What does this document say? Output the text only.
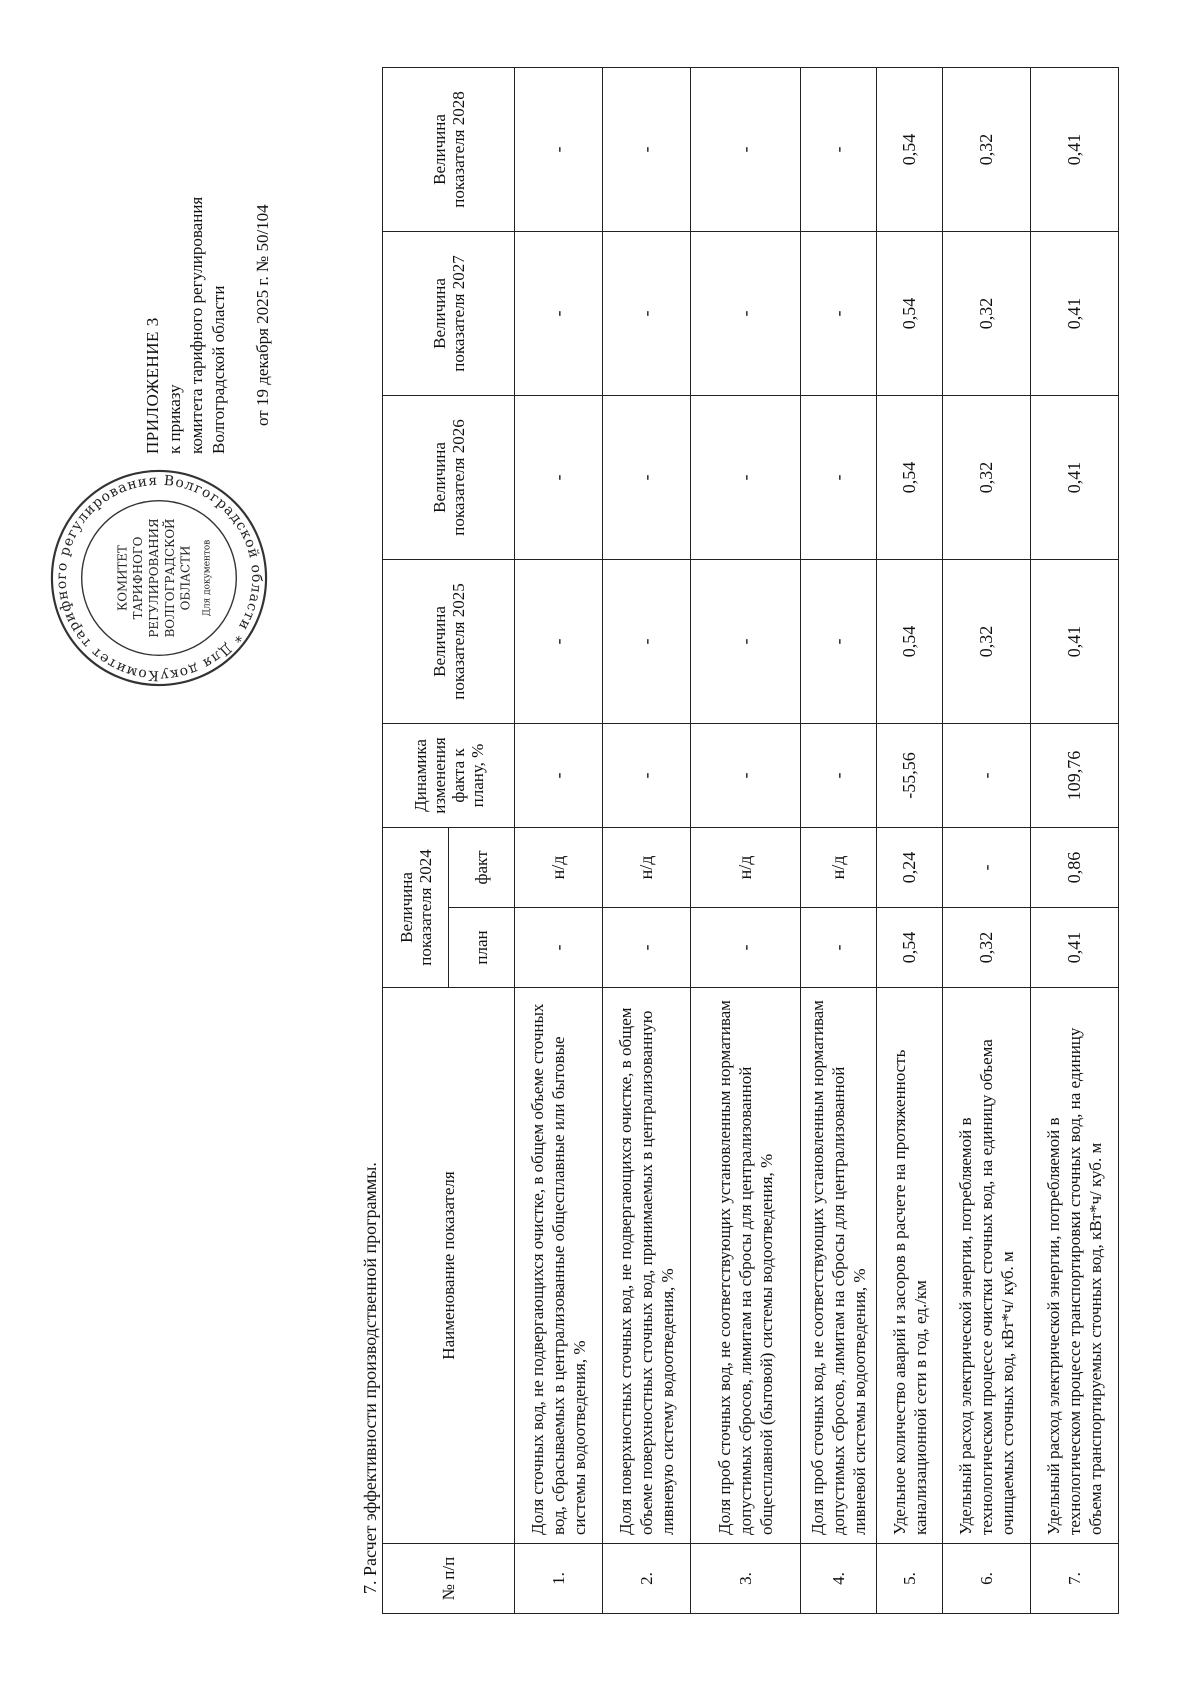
Комитет тарифного регулирования Волгоградской области * Для доку
КОМИТЕТ ТАРИФНОГО РЕГУЛИРОВАНИЯ ВОЛГОГРАДСКОЙ ОБЛАСТИ Для документов
ПРИЛОЖЕНИЕ 3 к приказу комитета тарифного регулирования Волгоградской области от 19 декабря 2025 г. № 50/104
7. Расчет эффективности производственной программы.	№ п/п	Наименование показателя	Величина показателя 2024		Динамика изменения факта к плану, %	Величина показателя 2025	Величина показателя 2026	Величина показателя 2027	Величина показателя 2028
		план	факт					
1.	Доля сточных вод, не подвергающихся очистке, в общем объеме сточных вод, сбрасываемых в централизованные общесплавные или бытовые системы водоотведения, %	-	н/д	-	-	-	-	-
2.	Доля поверхностных сточных вод, не подвергающихся очистке, в общем объеме поверхностных сточных вод, принимаемых в централизованную ливневую систему водоотведения, %	-	н/д	-	-	-	-	-
3.	Доля проб сточных вод, не соответствующих установленным нормативам допустимых сбросов, лимитам на сбросы для централизованной общесплавной (бытовой) системы водоотведения, %	-	н/д	-	-	-	-	-
4.	Доля проб сточных вод, не соответствующих установленным нормативам допустимых сбросов, лимитам на сбросы для централизованной ливневой системы водоотведения, %	-	н/д	-	-	-	-	-
5.	Удельное количество аварий и засоров в расчете на протяженность канализационной сети в год, ед./км	0,54	0,24	-55,56	0,54	0,54	0,54	0,54
6.	Удельный расход электрической энергии, потребляемой в технологическом процессе очистки сточных вод, на единицу объема очищаемых сточных вод, кВт*ч/ куб. м	0,32	-	-	0,32	0,32	0,32	0,32
7.	Удельный расход электрической энергии, потребляемой в технологическом процессе транспортировки сточных вод, на единицу объема транспортируемых сточных вод, кВт*ч/ куб. м	0,41	0,86	109,76	0,41	0,41	0,41	0,41
